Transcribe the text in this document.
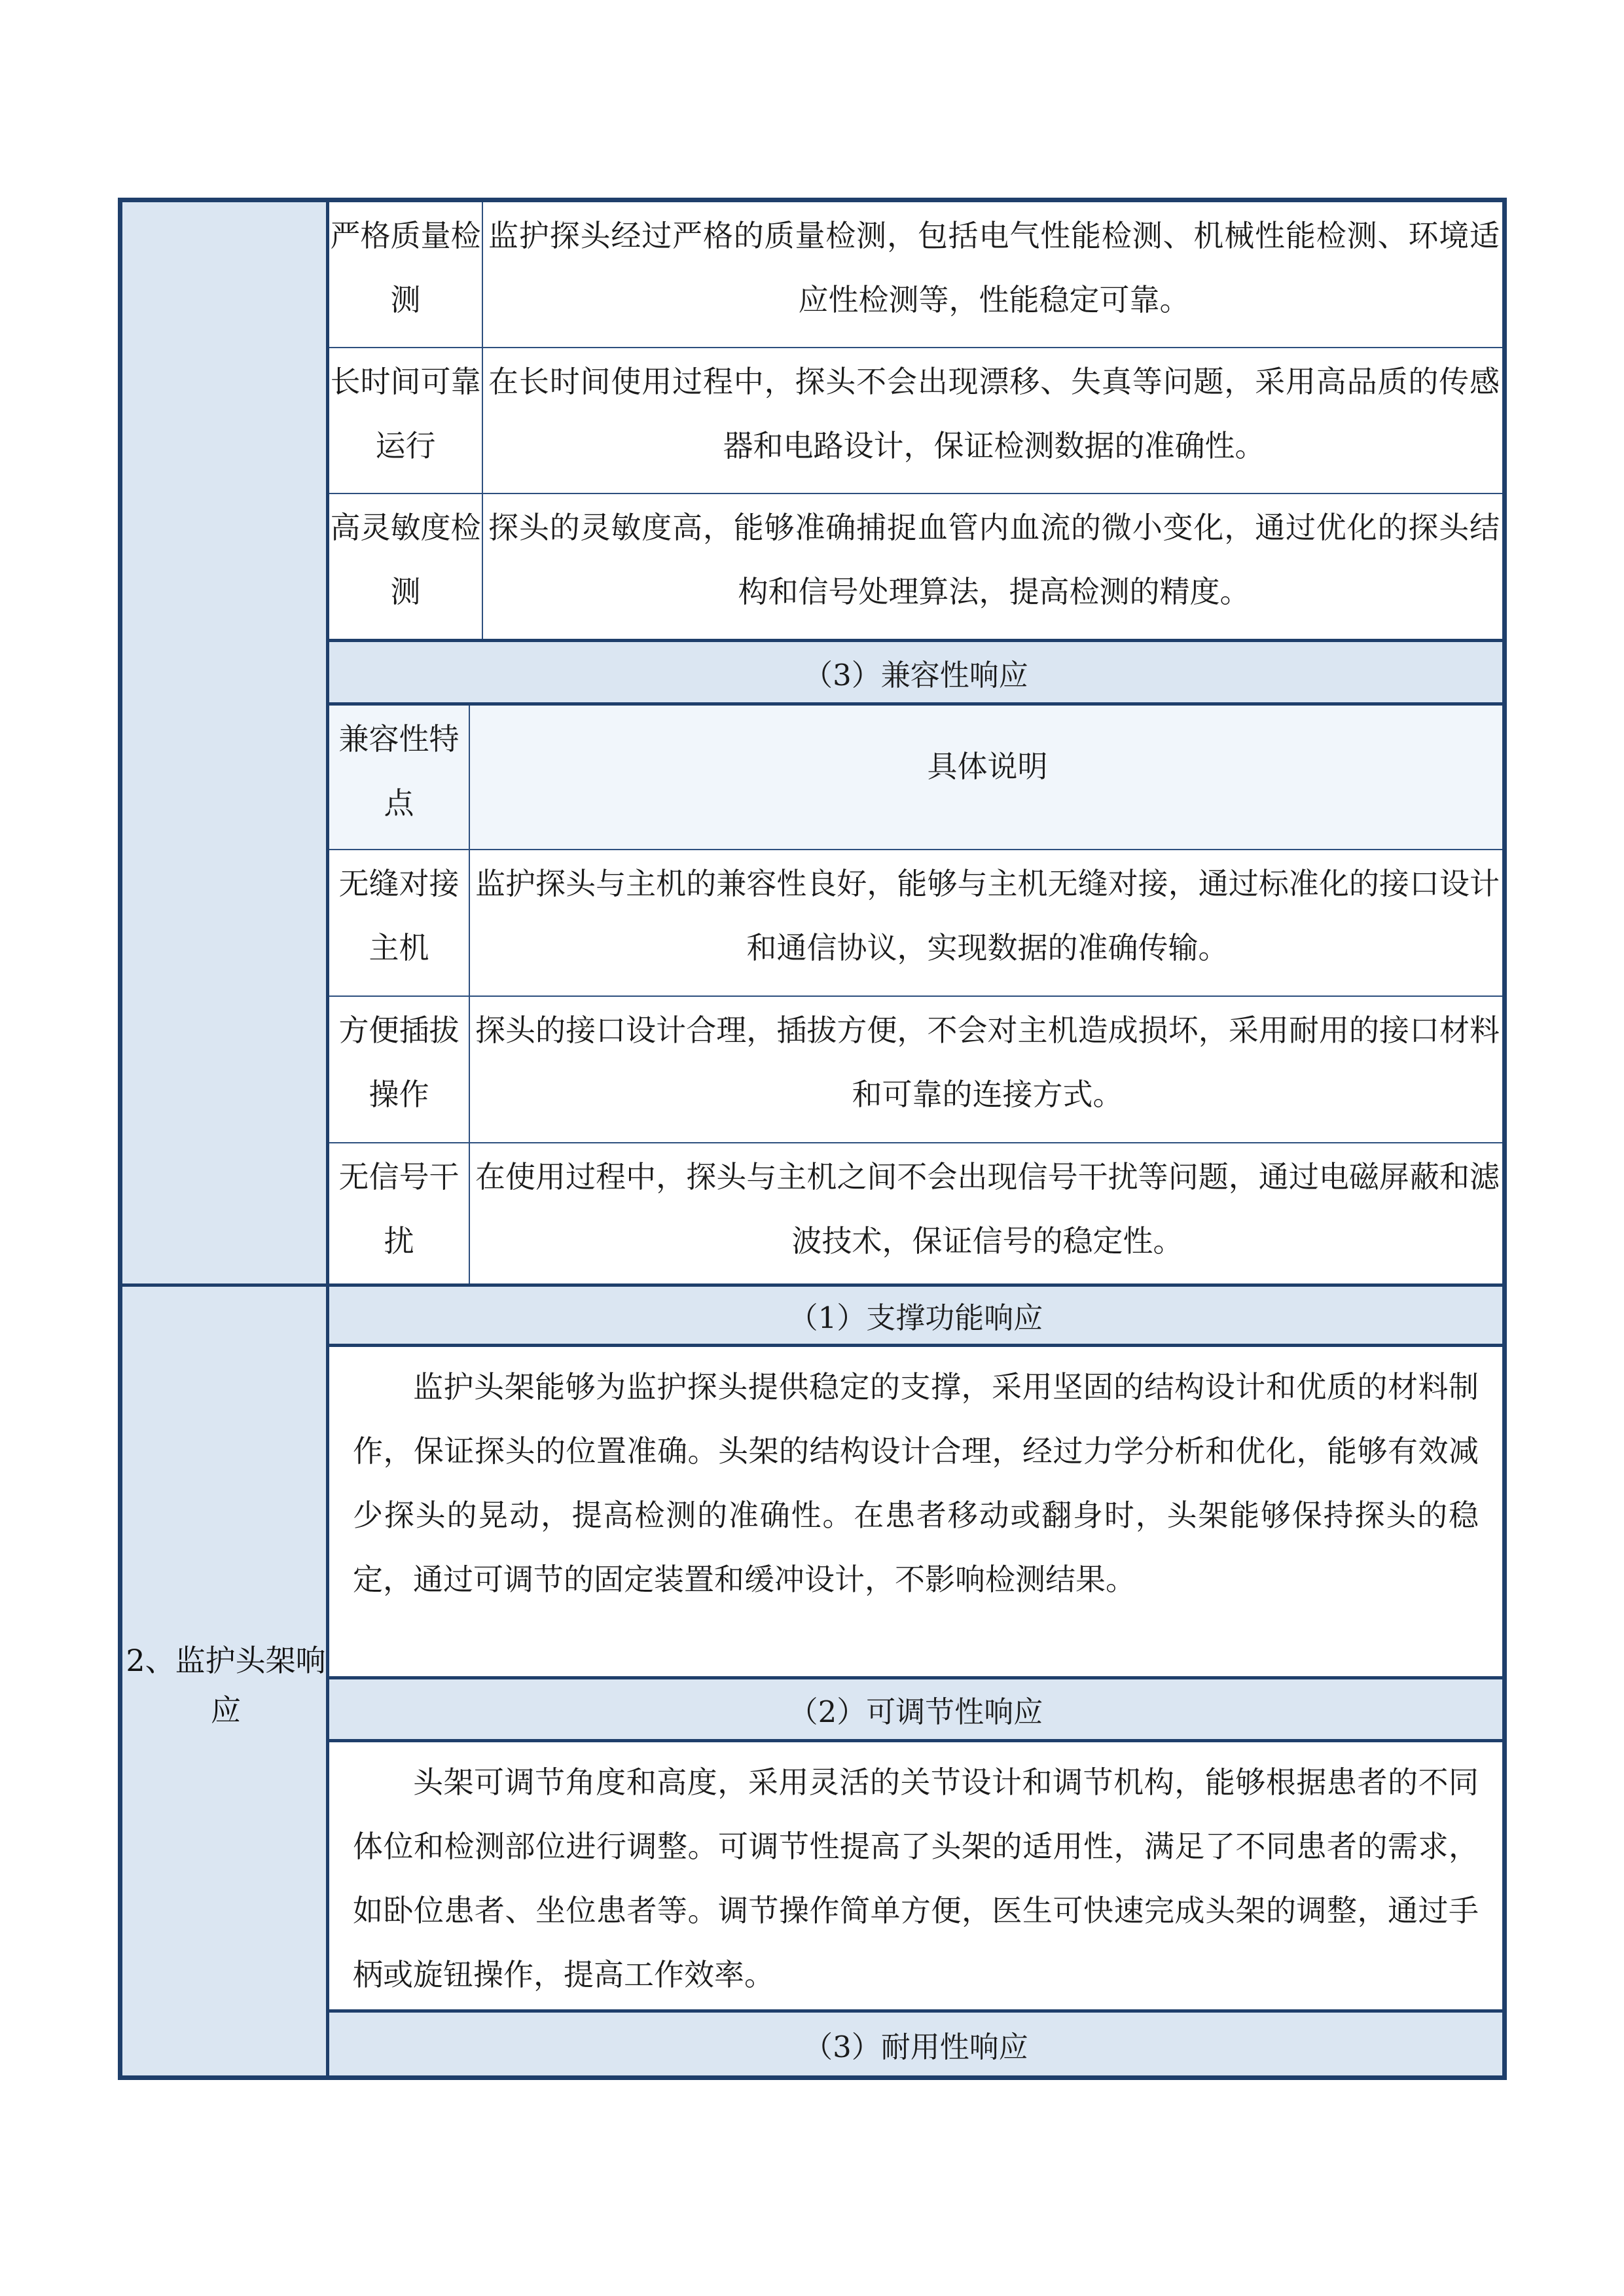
严格质量检测
监护探头经过严格的质量检测，包括电气性能检测、机械性能检测、环境适应性检测等，性能稳定可靠。
长时间可靠运行
在长时间使用过程中，探头不会出现漂移、失真等问题，采用高品质的传感器和电路设计，保证检测数据的准确性。
高灵敏度检测
探头的灵敏度高，能够准确捕捉血管内血流的微小变化，通过优化的探头结构和信号处理算法，提高检测的精度。
（3）兼容性响应
兼容性特点
具体说明
无缝对接主机
监护探头与主机的兼容性良好，能够与主机无缝对接，通过标准化的接口设计和通信协议，实现数据的准确传输。
方便插拔操作
探头的接口设计合理，插拔方便，不会对主机造成损坏，采用耐用的接口材料和可靠的连接方式。
无信号干扰
在使用过程中，探头与主机之间不会出现信号干扰等问题，通过电磁屏蔽和滤波技术，保证信号的稳定性。
2、监护头架响应
（1）支撑功能响应
监护头架能够为监护探头提供稳定的支撑，采用坚固的结构设计和优质的材料制作，保证探头的位置准确。头架的结构设计合理，经过力学分析和优化，能够有效减少探头的晃动，提高检测的准确性。在患者移动或翻身时，头架能够保持探头的稳定，通过可调节的固定装置和缓冲设计，不影响检测结果。
（2）可调节性响应
头架可调节角度和高度，采用灵活的关节设计和调节机构，能够根据患者的不同体位和检测部位进行调整。可调节性提高了头架的适用性，满足了不同患者的需求，如卧位患者、坐位患者等。调节操作简单方便，医生可快速完成头架的调整，通过手柄或旋钮操作，提高工作效率。
（3）耐用性响应
